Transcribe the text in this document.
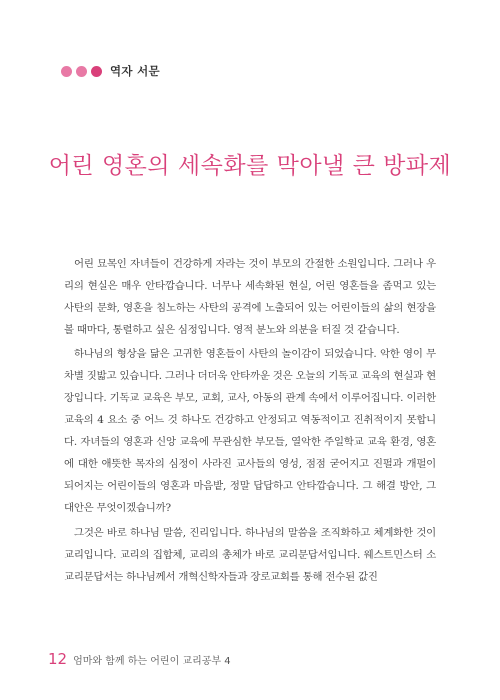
역자 서문
어린 영혼의 세속화를 막아낼 큰 방파제

어린 묘목인 자녀들이 건강하게 자라는 것이 부모의 간절한 소원입니다. 그러나 우리의 현실은 매우 안타깝습니다. 너무나 세속화된 현실, 어린 영혼들을 좀먹고 있는 사탄의 문화, 영혼을 침노하는 사탄의 공격에 노출되어 있는 어린이들의 삶의 현장을 볼 때마다, 통렬하고 싶은 심정입니다. 영적 분노와 의분을 터질 것 같습니다.

하나님의 형상을 닮은 고귀한 영혼들이 사탄의 놀이감이 되었습니다. 악한 영이 무차별 짓밟고 있습니다. 그러나 더더욱 안타까운 것은 오늘의 기독교 교육의 현실과 현장입니다. 기독교 교육은 부모, 교회, 교사, 아동의 관계 속에서 이루어집니다. 이러한 교육의 4 요소 중 어느 것 하나도 건강하고 안정되고 역동적이고 진취적이지 못합니다. 자녀들의 영혼과 신앙 교육에 무관심한 부모들, 열악한 주일학교 교육 환경, 영혼에 대한 애뜻한 목자의 심정이 사라진 교사들의 영성, 점점 굳어지고 진펄과 개펄이 되어지는 어린이들의 영혼과 마음밭, 정말 답답하고 안타깝습니다. 그 해결 방안, 그 대안은 무엇이겠습니까?

그것은 바로 하나님 말씀, 진리입니다. 하나님의 말씀을 조직화하고 체계화한 것이 교리입니다. 교리의 집합체, 교리의 총체가 바로 교리문답서입니다. 웨스트민스터 소교리문답서는 하나님께서 개혁신학자들과 장로교회를 통해 전수된 값진

12 엄마와 함께 하는 어린이 교리공부 4
